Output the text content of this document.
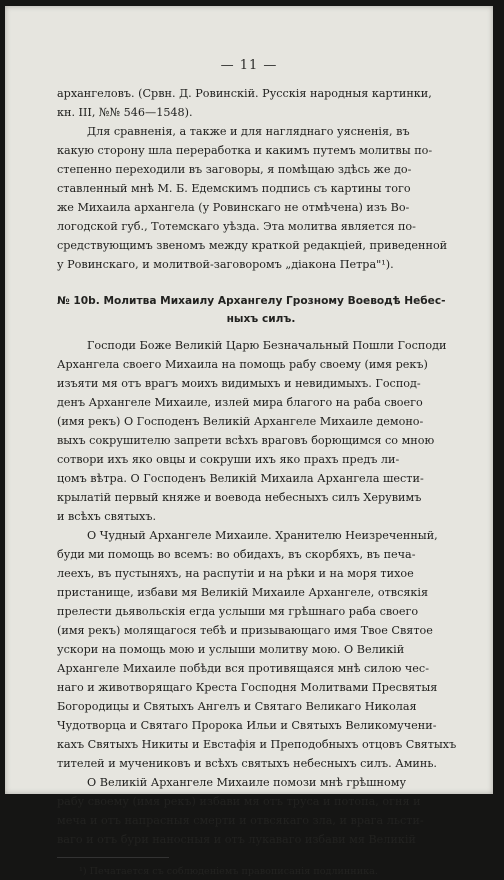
— 11 —
архангеловъ. (Срвн. Д. Ровинскій. Русскія народныя картинки,
кн. III, №№ 546—1548).
Для сравненія, а также и для нагляднаго уясненія, въ
какую сторону шла переработка и какимъ путемъ молитвы по-
степенно переходили въ заговоры, я помѣщаю здѣсь же до-
ставленный мнѣ М. Б. Едемскимъ подпись съ картины того
же Михаила архангела (у Ровинскаго не отмѣчена) изъ Во-
логодской губ., Тотемскаго уѣзда. Эта молитва является по-
средствующимъ звеномъ между краткой редакціей, приведенной
у Ровинскаго, и молитвой-заговоромъ „діакона Петра"¹).
№ 10b. Молитва Михаилу Архангелу Грозному Воеводѣ Небес-
ныхъ силъ.
Господи Боже Великій Царю Безначальный Пошли Господи
Архангела своего Михаила на помощь рабу своему (имя рекъ)
изъяти мя отъ врагъ моихъ видимыхъ и невидимыхъ. Господ-
денъ Архангеле Михаиле, излей мира благого на раба своего
(имя рекъ) О Господенъ Великій Архангеле Михаиле демоно-
выхъ сокрушителю запрети всѣхъ враговъ борющимся со мною
сотвори ихъ яко овцы и сокруши ихъ яко прахъ предъ ли-
цомъ вѣтра. О Господенъ Великій Михаила Архангела шести-
крылатій первый княже и воевода небесныхъ силъ Херувимъ
и всѣхъ святыхъ.
О Чудный Архангеле Михаиле. Хранителю Неизреченный,
буди ми помощь во всемъ: во обидахъ, въ скорбяхъ, въ печа-
леехъ, въ пустыняхъ, на распутіи и на рѣки и на моря тихое
пристанище, избави мя Великій Михаиле Архангеле, отвсякія
прелести дьявольскія егда услыши мя грѣшнаго раба своего
(имя рекъ) молящагося тебѣ и призывающаго имя Твое Святое
ускори на помощь мою и услыши молитву мою. О Великій
Архангеле Михаиле побѣди вся противящаяся мнѣ силою чес-
наго и животворящаго Креста Господня Молитвами Пресвятыя
Богородицы и Святыхъ Ангелъ и Святаго Великаго Николая
Чудотворца и Святаго Пророка Ильи и Святыхъ Великомучени-
кахъ Святыхъ Никиты и Евстафія и Преподобныхъ отцовъ Святыхъ
тителей и мучениковъ и всѣхъ святыхъ небесныхъ силъ. Аминь.
О Великій Архангеле Михаиле помози мнѣ грѣшному
рабу своему (имя рекъ) избави мя отъ труса и потопа, огня и
меча и отъ напрасныя смерти и отвсякаго зла, и врага льсти-
ваго и отъ бури наносныя и отъ лукаваго избави мя Великій
¹) Печатается съ соблюденіемъ правописанія подлинника.
